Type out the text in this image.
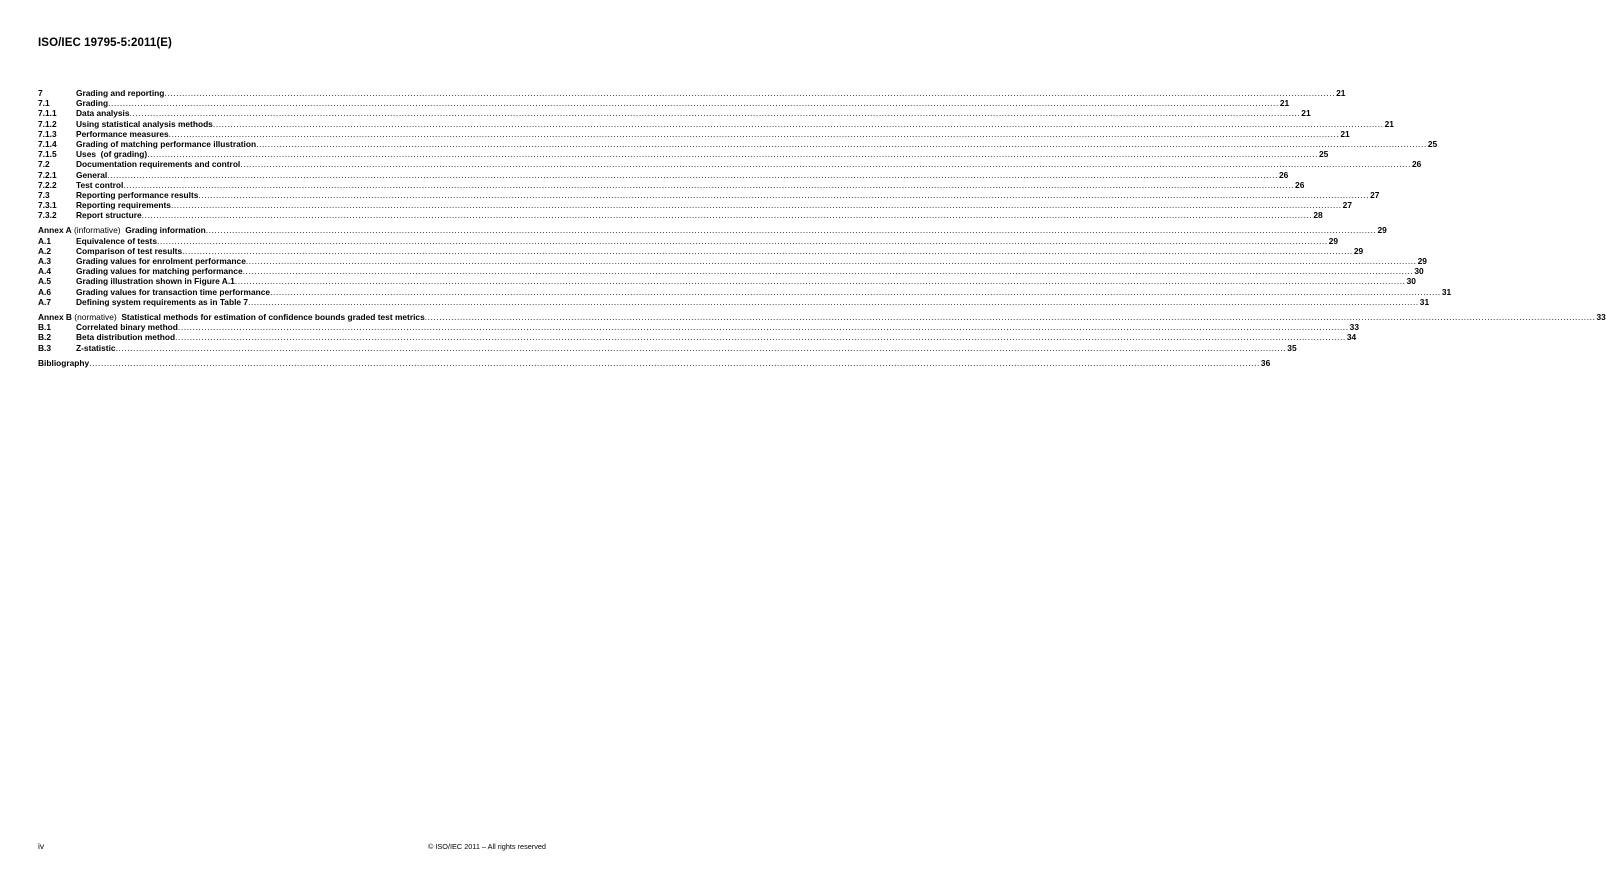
ISO/IEC 19795-5:2011(E)
7	Grading and reporting ................................................................................................................................................................................................................................................................................................................................................................................................................ 21
7.1	Grading ................................................................................................................................................................................................................................................................................................................................................................................................................ 21
7.1.1	Data analysis ................................................................................................................................................................................................................................................................................................................................................................................................................ 21
7.1.2	Using statistical analysis methods ................................................................................................................................................................................................................................................................................................................................................................................................................ 21
7.1.3	Performance measures ................................................................................................................................................................................................................................................................................................................................................................................................................ 21
7.1.4	Grading of matching performance illustration ................................................................................................................................................................................................................................................................................................................................................................................................................ 25
7.1.5	Uses  (of grading) ................................................................................................................................................................................................................................................................................................................................................................................................................ 25
7.2	Documentation requirements and control ................................................................................................................................................................................................................................................................................................................................................................................................................ 26
7.2.1	General ................................................................................................................................................................................................................................................................................................................................................................................................................ 26
7.2.2	Test control ................................................................................................................................................................................................................................................................................................................................................................................................................ 26
7.3	Reporting performance results ................................................................................................................................................................................................................................................................................................................................................................................................................ 27
7.3.1	Reporting requirements ................................................................................................................................................................................................................................................................................................................................................................................................................ 27
7.3.2	Report structure ................................................................................................................................................................................................................................................................................................................................................................................................................ 28
Annex A (informative)  Grading information ................................................................................................................................................................................................................................................................................................................................................................................................................ 29
A.1	Equivalence of tests ................................................................................................................................................................................................................................................................................................................................................................................................................ 29
A.2	Comparison of test results ................................................................................................................................................................................................................................................................................................................................................................................................................ 29
A.3	Grading values for enrolment performance ................................................................................................................................................................................................................................................................................................................................................................................................................ 29
A.4	Grading values for matching performance ................................................................................................................................................................................................................................................................................................................................................................................................................ 30
A.5	Grading illustration shown in Figure A.1 ................................................................................................................................................................................................................................................................................................................................................................................................................ 30
A.6	Grading values for transaction time performance ................................................................................................................................................................................................................................................................................................................................................................................................................ 31
A.7	Defining system requirements as in Table 7 ................................................................................................................................................................................................................................................................................................................................................................................................................ 31
Annex B (normative)  Statistical methods for estimation of confidence bounds graded test metrics ................................................................................................................................................................................................................................................................................................................................................................................................................ 33
B.1	Correlated binary method ................................................................................................................................................................................................................................................................................................................................................................................................................ 33
B.2	Beta distribution method ................................................................................................................................................................................................................................................................................................................................................................................................................ 34
B.3	Z-statistic ................................................................................................................................................................................................................................................................................................................................................................................................................ 35
Bibliography ................................................................................................................................................................................................................................................................................................................................................................................................................ 36
iv	© ISO/IEC 2011 – All rights reserved
